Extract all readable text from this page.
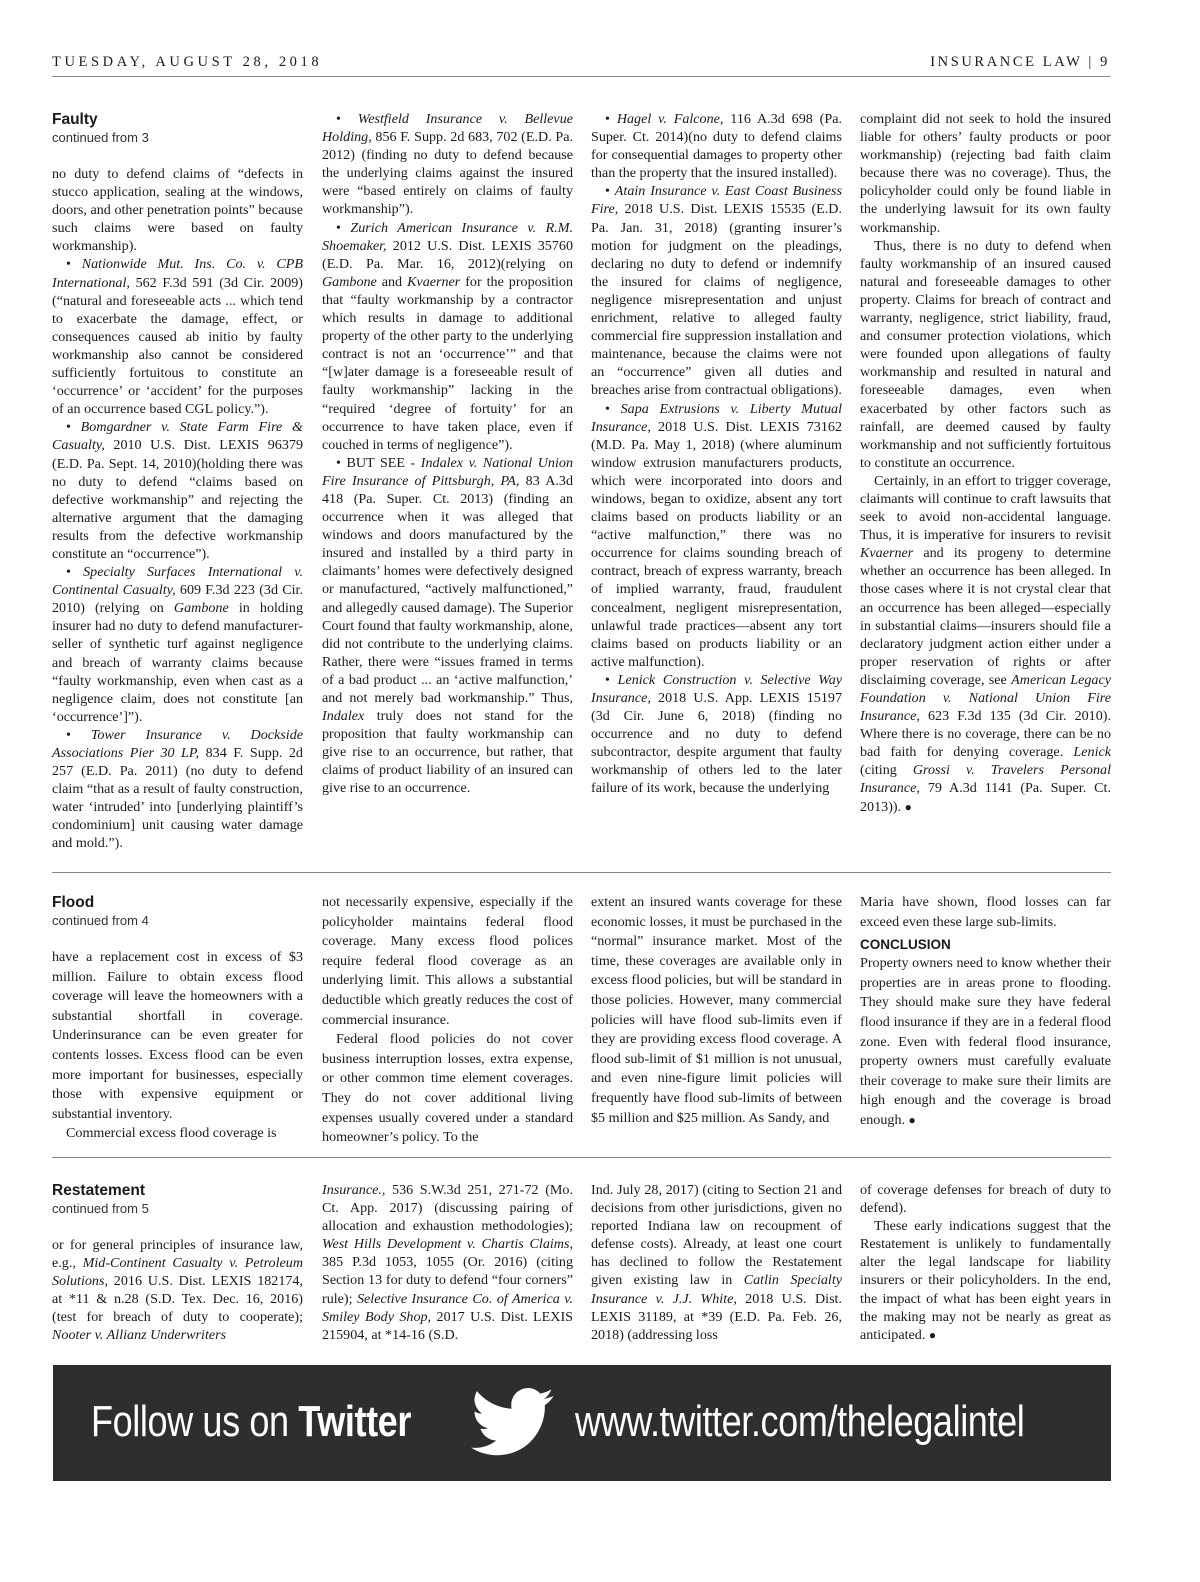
TUESDAY, AUGUST 28, 2018	INSURANCE LAW | 9

Faulty

continued from 3

no duty to defend claims of “defects in stucco application, sealing at the windows, doors, and other penetration points” because such claims were based on faulty workmanship).

• Nationwide Mut. Ins. Co. v. CPB International, 562 F.3d 591 (3d Cir. 2009) (“natural and foreseeable acts ... which tend to exacerbate the damage, effect, or consequences caused ab initio by faulty workmanship also cannot be considered sufficiently fortuitous to constitute an ‘occurrence’ or ‘accident’ for the purposes of an occurrence based CGL policy.”).

• Bomgardner v. State Farm Fire & Casualty, 2010 U.S. Dist. LEXIS 96379 (E.D. Pa. Sept. 14, 2010)(holding there was no duty to defend “claims based on defective workmanship” and rejecting the alternative argument that the damaging results from the defective workmanship constitute an “occurrence”).

• Specialty Surfaces International v. Continental Casualty, 609 F.3d 223 (3d Cir. 2010) (relying on Gambone in holding insurer had no duty to defend manufacturer-seller of synthetic turf against negligence and breach of warranty claims because “faulty workmanship, even when cast as a negligence claim, does not constitute [an ‘occurrence’]”).

• Tower Insurance v. Dockside Associations Pier 30 LP, 834 F. Supp. 2d 257 (E.D. Pa. 2011) (no duty to defend claim “that as a result of faulty construction, water ‘intruded’ into [underlying plaintiff’s condominium] unit causing water damage and mold.”).

• Westfield Insurance v. Bellevue Holding, 856 F. Supp. 2d 683, 702 (E.D. Pa. 2012) (finding no duty to defend because the underlying claims against the insured were “based entirely on claims of faulty workmanship”).

• Zurich American Insurance v. R.M. Shoemaker, 2012 U.S. Dist. LEXIS 35760 (E.D. Pa. Mar. 16, 2012)(relying on Gambone and Kvaerner for the proposition that “faulty workmanship by a contractor which results in damage to additional property of the other party to the underlying contract is not an ‘occurrence’” and that “[w]ater damage is a foreseeable result of faulty workmanship” lacking in the “required ‘degree of fortuity’ for an occurrence to have taken place, even if couched in terms of negligence”).

• BUT SEE - Indalex v. National Union Fire Insurance of Pittsburgh, PA, 83 A.3d 418 (Pa. Super. Ct. 2013) (finding an occurrence when it was alleged that windows and doors manufactured by the insured and installed by a third party in claimants’ homes were defectively designed or manufactured, “actively malfunctioned,” and allegedly caused damage). The Superior Court found that faulty workmanship, alone, did not contribute to the underlying claims. Rather, there were “issues framed in terms of a bad product ... an ‘active malfunction,’ and not merely bad workmanship.” Thus, Indalex truly does not stand for the proposition that faulty workmanship can give rise to an occurrence, but rather, that claims of product liability of an insured can give rise to an occurrence.

• Hagel v. Falcone, 116 A.3d 698 (Pa. Super. Ct. 2014)(no duty to defend claims for consequential damages to property other than the property that the insured installed).

• Atain Insurance v. East Coast Business Fire, 2018 U.S. Dist. LEXIS 15535 (E.D. Pa. Jan. 31, 2018) (granting insurer’s motion for judgment on the pleadings, declaring no duty to defend or indemnify the insured for claims of negligence, negligence misrepresentation and unjust enrichment, relative to alleged faulty commercial fire suppression installation and maintenance, because the claims were not an “occurrence” given all duties and breaches arise from contractual obligations).

• Sapa Extrusions v. Liberty Mutual Insurance, 2018 U.S. Dist. LEXIS 73162 (M.D. Pa. May 1, 2018) (where aluminum window extrusion manufacturers products, which were incorporated into doors and windows, began to oxidize, absent any tort claims based on products liability or an “active malfunction,” there was no occurrence for claims sounding breach of contract, breach of express warranty, breach of implied warranty, fraud, fraudulent concealment, negligent misrepresentation, unlawful trade practices—absent any tort claims based on products liability or an active malfunction).

• Lenick Construction v. Selective Way Insurance, 2018 U.S. App. LEXIS 15197 (3d Cir. June 6, 2018) (finding no occurrence and no duty to defend subcontractor, despite argument that faulty workmanship of others led to the later failure of its work, because the underlying

complaint did not seek to hold the insured liable for others’ faulty products or poor workmanship) (rejecting bad faith claim because there was no coverage). Thus, the policyholder could only be found liable in the underlying lawsuit for its own faulty workmanship.

Thus, there is no duty to defend when faulty workmanship of an insured caused natural and foreseeable damages to other property. Claims for breach of contract and warranty, negligence, strict liability, fraud, and consumer protection violations, which were founded upon allegations of faulty workmanship and resulted in natural and foreseeable damages, even when exacerbated by other factors such as rainfall, are deemed caused by faulty workmanship and not sufficiently fortuitous to constitute an occurrence.

Certainly, in an effort to trigger coverage, claimants will continue to craft lawsuits that seek to avoid non-accidental language. Thus, it is imperative for insurers to revisit Kvaerner and its progeny to determine whether an occurrence has been alleged. In those cases where it is not crystal clear that an occurrence has been alleged—especially in substantial claims—insurers should file a declaratory judgment action either under a proper reservation of rights or after disclaiming coverage, see American Legacy Foundation v. National Union Fire Insurance, 623 F.3d 135 (3d Cir. 2010). Where there is no coverage, there can be no bad faith for denying coverage. Lenick (citing Grossi v. Travelers Personal Insurance, 79 A.3d 1141 (Pa. Super. Ct. 2013)). ●

Flood

continued from 4

have a replacement cost in excess of $3 million. Failure to obtain excess flood coverage will leave the homeowners with a substantial shortfall in coverage. Underinsurance can be even greater for contents losses. Excess flood can be even more important for businesses, especially those with expensive equipment or substantial inventory.

Commercial excess flood coverage is

not necessarily expensive, especially if the policyholder maintains federal flood coverage. Many excess flood polices require federal flood coverage as an underlying limit. This allows a substantial deductible which greatly reduces the cost of commercial insurance.

Federal flood policies do not cover business interruption losses, extra expense, or other common time element coverages. They do not cover additional living expenses usually covered under a standard homeowner’s policy. To the

extent an insured wants coverage for these economic losses, it must be purchased in the “normal” insurance market. Most of the time, these coverages are available only in excess flood policies, but will be standard in those policies. However, many commercial policies will have flood sub-limits even if they are providing excess flood coverage. A flood sub-limit of $1 million is not unusual, and even nine-figure limit policies will frequently have flood sub-limits of between $5 million and $25 million. As Sandy, and

Maria have shown, flood losses can far exceed even these large sub-limits.

CONCLUSION

Property owners need to know whether their properties are in areas prone to flooding. They should make sure they have federal flood insurance if they are in a federal flood zone. Even with federal flood insurance, property owners must carefully evaluate their coverage to make sure their limits are high enough and the coverage is broad enough. ●

Restatement

continued from 5

or for general principles of insurance law, e.g., Mid-Continent Casualty v. Petroleum Solutions, 2016 U.S. Dist. LEXIS 182174, at *11 & n.28 (S.D. Tex. Dec. 16, 2016) (test for breach of duty to cooperate); Nooter v. Allianz Underwriters

Insurance., 536 S.W.3d 251, 271-72 (Mo. Ct. App. 2017) (discussing pairing of allocation and exhaustion methodologies); West Hills Development v. Chartis Claims, 385 P.3d 1053, 1055 (Or. 2016) (citing Section 13 for duty to defend “four corners” rule); Selective Insurance Co. of America v. Smiley Body Shop, 2017 U.S. Dist. LEXIS 215904, at *14-16 (S.D.

Ind. July 28, 2017) (citing to Section 21 and decisions from other jurisdictions, given no reported Indiana law on recoupment of defense costs). Already, at least one court has declined to follow the Restatement given existing law in Catlin Specialty Insurance v. J.J. White, 2018 U.S. Dist. LEXIS 31189, at *39 (E.D. Pa. Feb. 26, 2018) (addressing loss

of coverage defenses for breach of duty to defend).

These early indications suggest that the Restatement is unlikely to fundamentally alter the legal landscape for liability insurers or their policyholders. In the end, the impact of what has been eight years in the making may not be nearly as great as anticipated. ●

Follow us on Twitter	www.twitter.com/thelegalintel
